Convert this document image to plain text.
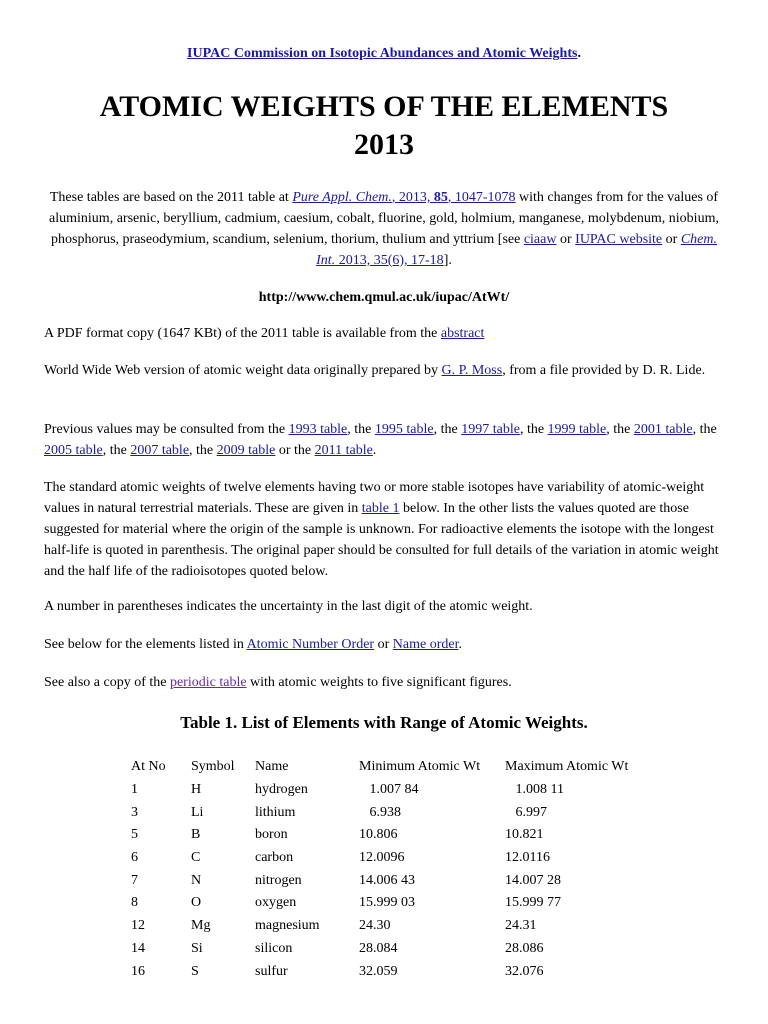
IUPAC Commission on Isotopic Abundances and Atomic Weights.
ATOMIC WEIGHTS OF THE ELEMENTS
2013

These tables are based on the 2011 table at Pure Appl. Chem., 2013, 85, 1047-1078 with changes from for the values of aluminium, arsenic, beryllium, cadmium, caesium, cobalt, fluorine, gold, holmium, manganese, molybdenum, niobium, phosphorus, praseodymium, scandium, selenium, thorium, thulium and yttrium [see ciaaw or IUPAC website or Chem. Int. 2013, 35(6), 17-18].

http://www.chem.qmul.ac.uk/iupac/AtWt/

A PDF format copy (1647 KBt) of the 2011 table is available from the abstract

World Wide Web version of atomic weight data originally prepared by G. P. Moss, from a file provided by D. R. Lide.

Previous values may be consulted from the 1993 table, the 1995 table, the 1997 table, the 1999 table, the 2001 table, the 2005 table, the 2007 table, the 2009 table or the 2011 table.

The standard atomic weights of twelve elements having two or more stable isotopes have variability of atomic-weight values in natural terrestrial materials. These are given in table 1 below. In the other lists the values quoted are those suggested for material where the origin of the sample is unknown. For radioactive elements the isotope with the longest half-life is quoted in parenthesis. The original paper should be consulted for full details of the variation in atomic weight and the half life of the radioisotopes quoted below.

A number in parentheses indicates the uncertainty in the last digit of the atomic weight.

See below for the elements listed in Atomic Number Order or Name order.

See also a copy of the periodic table with atomic weights to five significant figures.

Table 1. List of Elements with Range of Atomic Weights.
At No	Symbol	Name	Minimum Atomic Wt	Maximum Atomic Wt
1	H	hydrogen	1.007 84	1.008 11
3	Li	lithium	6.938	6.997
5	B	boron	10.806	10.821
6	C	carbon	12.0096	12.0116
7	N	nitrogen	14.006 43	14.007 28
8	O	oxygen	15.999 03	15.999 77
12	Mg	magnesium	24.30	24.31
14	Si	silicon	28.084	28.086
16	S	sulfur	32.059	32.076
